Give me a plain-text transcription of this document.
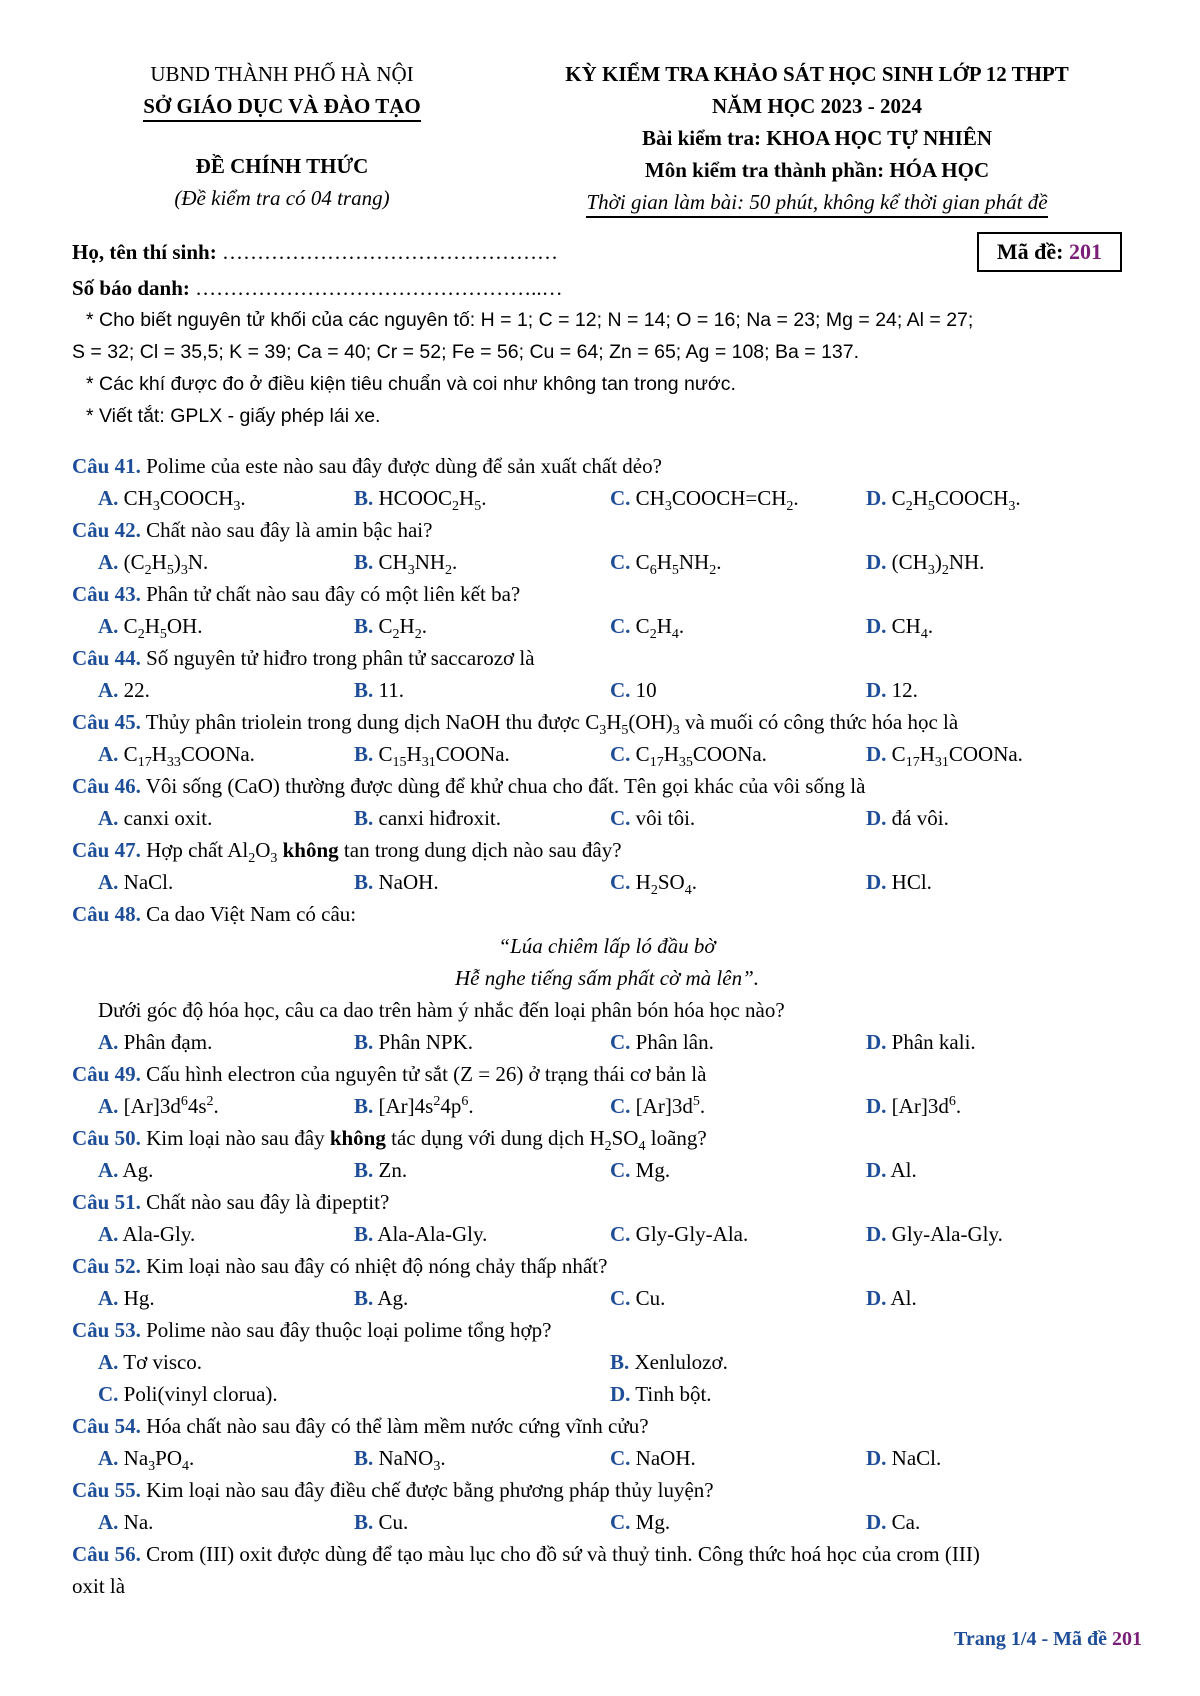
UBND THÀNH PHỐ HÀ NỘI
SỞ GIÁO DỤC VÀ ĐÀO TẠO
ĐỀ CHÍNH THỨC
(Đề kiểm tra có 04 trang)
KỲ KIỂM TRA KHẢO SÁT HỌC SINH LỚP 12 THPT
NĂM HỌC 2023 - 2024
Bài kiểm tra: KHOA HỌC TỰ NHIÊN
Môn kiểm tra thành phần: HÓA HỌC
Thời gian làm bài: 50 phút, không kể thời gian phát đề
Họ, tên thí sinh:
…………………………………………	Mã đề: 201
Số báo danh: …………………………………………..…
* Cho biết nguyên tử khối của các nguyên tố: H = 1; C = 12; N = 14; O = 16; Na = 23; Mg = 24; Al = 27;
S = 32; Cl = 35,5; K = 39; Ca = 40; Cr = 52; Fe = 56; Cu = 64; Zn = 65; Ag = 108; Ba = 137.
* Các khí được đo ở điều kiện tiêu chuẩn và coi như không tan trong nước.
* Viết tắt: GPLX - giấy phép lái xe.
Câu 41. Polime của este nào sau đây được dùng để sản xuất chất dẻo?
A. $CH_3COOCH_3$.	B. $HCOOC_2H_5$.	C. $CH_3COOCH=CH_2$.	D. $C_2H_5COOCH_3$.
Câu 42. Chất nào sau đây là amin bậc hai?
A. $(C_2H_5)_3N$.	B. $CH_3NH_2$.	C. $C_6H_5NH_2$.	D. $(CH_3)_2NH$.
Câu 43. Phân tử chất nào sau đây có một liên kết ba?
A. $C_2H_5OH$.	B. $C_2H_2$.	C. $C_2H_4$.	D. $CH_4$.
Câu 44. Số nguyên tử hiđro trong phân tử saccarozơ là
A. 22.	B. 11.	C. 10	D. 12.
Câu 45. Thủy phân triolein trong dung dịch NaOH thu được $C_3H_5(OH)_3$ và muối có công thức hóa học là
A. $C_{17}H_{33}COONa$.	B. $C_{15}H_{31}COONa$.	C. $C_{17}H_{35}COONa$.	D. $C_{17}H_{31}COONa$.
Câu 46. Vôi sống (CaO) thường được dùng để khử chua cho đất. Tên gọi khác của vôi sống là
A. canxi oxit.	B. canxi hiđroxit.	C. vôi tôi.	D. đá vôi.
Câu 47. Hợp chất $Al_2O_3$ không tan trong dung dịch nào sau đây?
A. NaCl.	B. NaOH.	C. $H_2SO_4$.	D. HCl.
Câu 48. Ca dao Việt Nam có câu:
“Lúa chiêm lấp ló đầu bờ
Hễ nghe tiếng sấm phất cờ mà lên”.
Dưới góc độ hóa học, câu ca dao trên hàm ý nhắc đến loại phân bón hóa học nào?
A. Phân đạm.	B. Phân NPK.	C. Phân lân.	D. Phân kali.
Câu 49. Cấu hình electron của nguyên tử sắt (Z = 26) ở trạng thái cơ bản là
A. $[Ar]3d^64s^2$.	B. $[Ar]4s^24p^6$.	C. $[Ar]3d^5$.	D. $[Ar]3d^6$.
Câu 50. Kim loại nào sau đây không tác dụng với dung dịch $H_2SO_4$ loãng?
A. Ag.	B. Zn.	C. Mg.	D. Al.
Câu 51. Chất nào sau đây là đipeptit?
A. Ala-Gly.	B. Ala-Ala-Gly.	C. Gly-Gly-Ala.	D. Gly-Ala-Gly.
Câu 52. Kim loại nào sau đây có nhiệt độ nóng chảy thấp nhất?
A. Hg.	B. Ag.	C. Cu.	D. Al.
Câu 53. Polime nào sau đây thuộc loại polime tổng hợp?
A. Tơ visco.	B. Xenlulozơ.
C. Poli(vinyl clorua).	D. Tinh bột.
Câu 54. Hóa chất nào sau đây có thể làm mềm nước cứng vĩnh cửu?
A. $Na_3PO_4$.	B. NaNO$_3$.	C. NaOH.	D. NaCl.
Câu 55. Kim loại nào sau đây điều chế được bằng phương pháp thủy luyện?
A. Na.	B. Cu.	C. Mg.	D. Ca.
Câu 56. Crom (III) oxit được dùng để tạo màu lục cho đồ sứ và thuỷ tinh. Công thức hoá học của crom (III)
oxit là
Trang 1/4 - Mã đề 201
